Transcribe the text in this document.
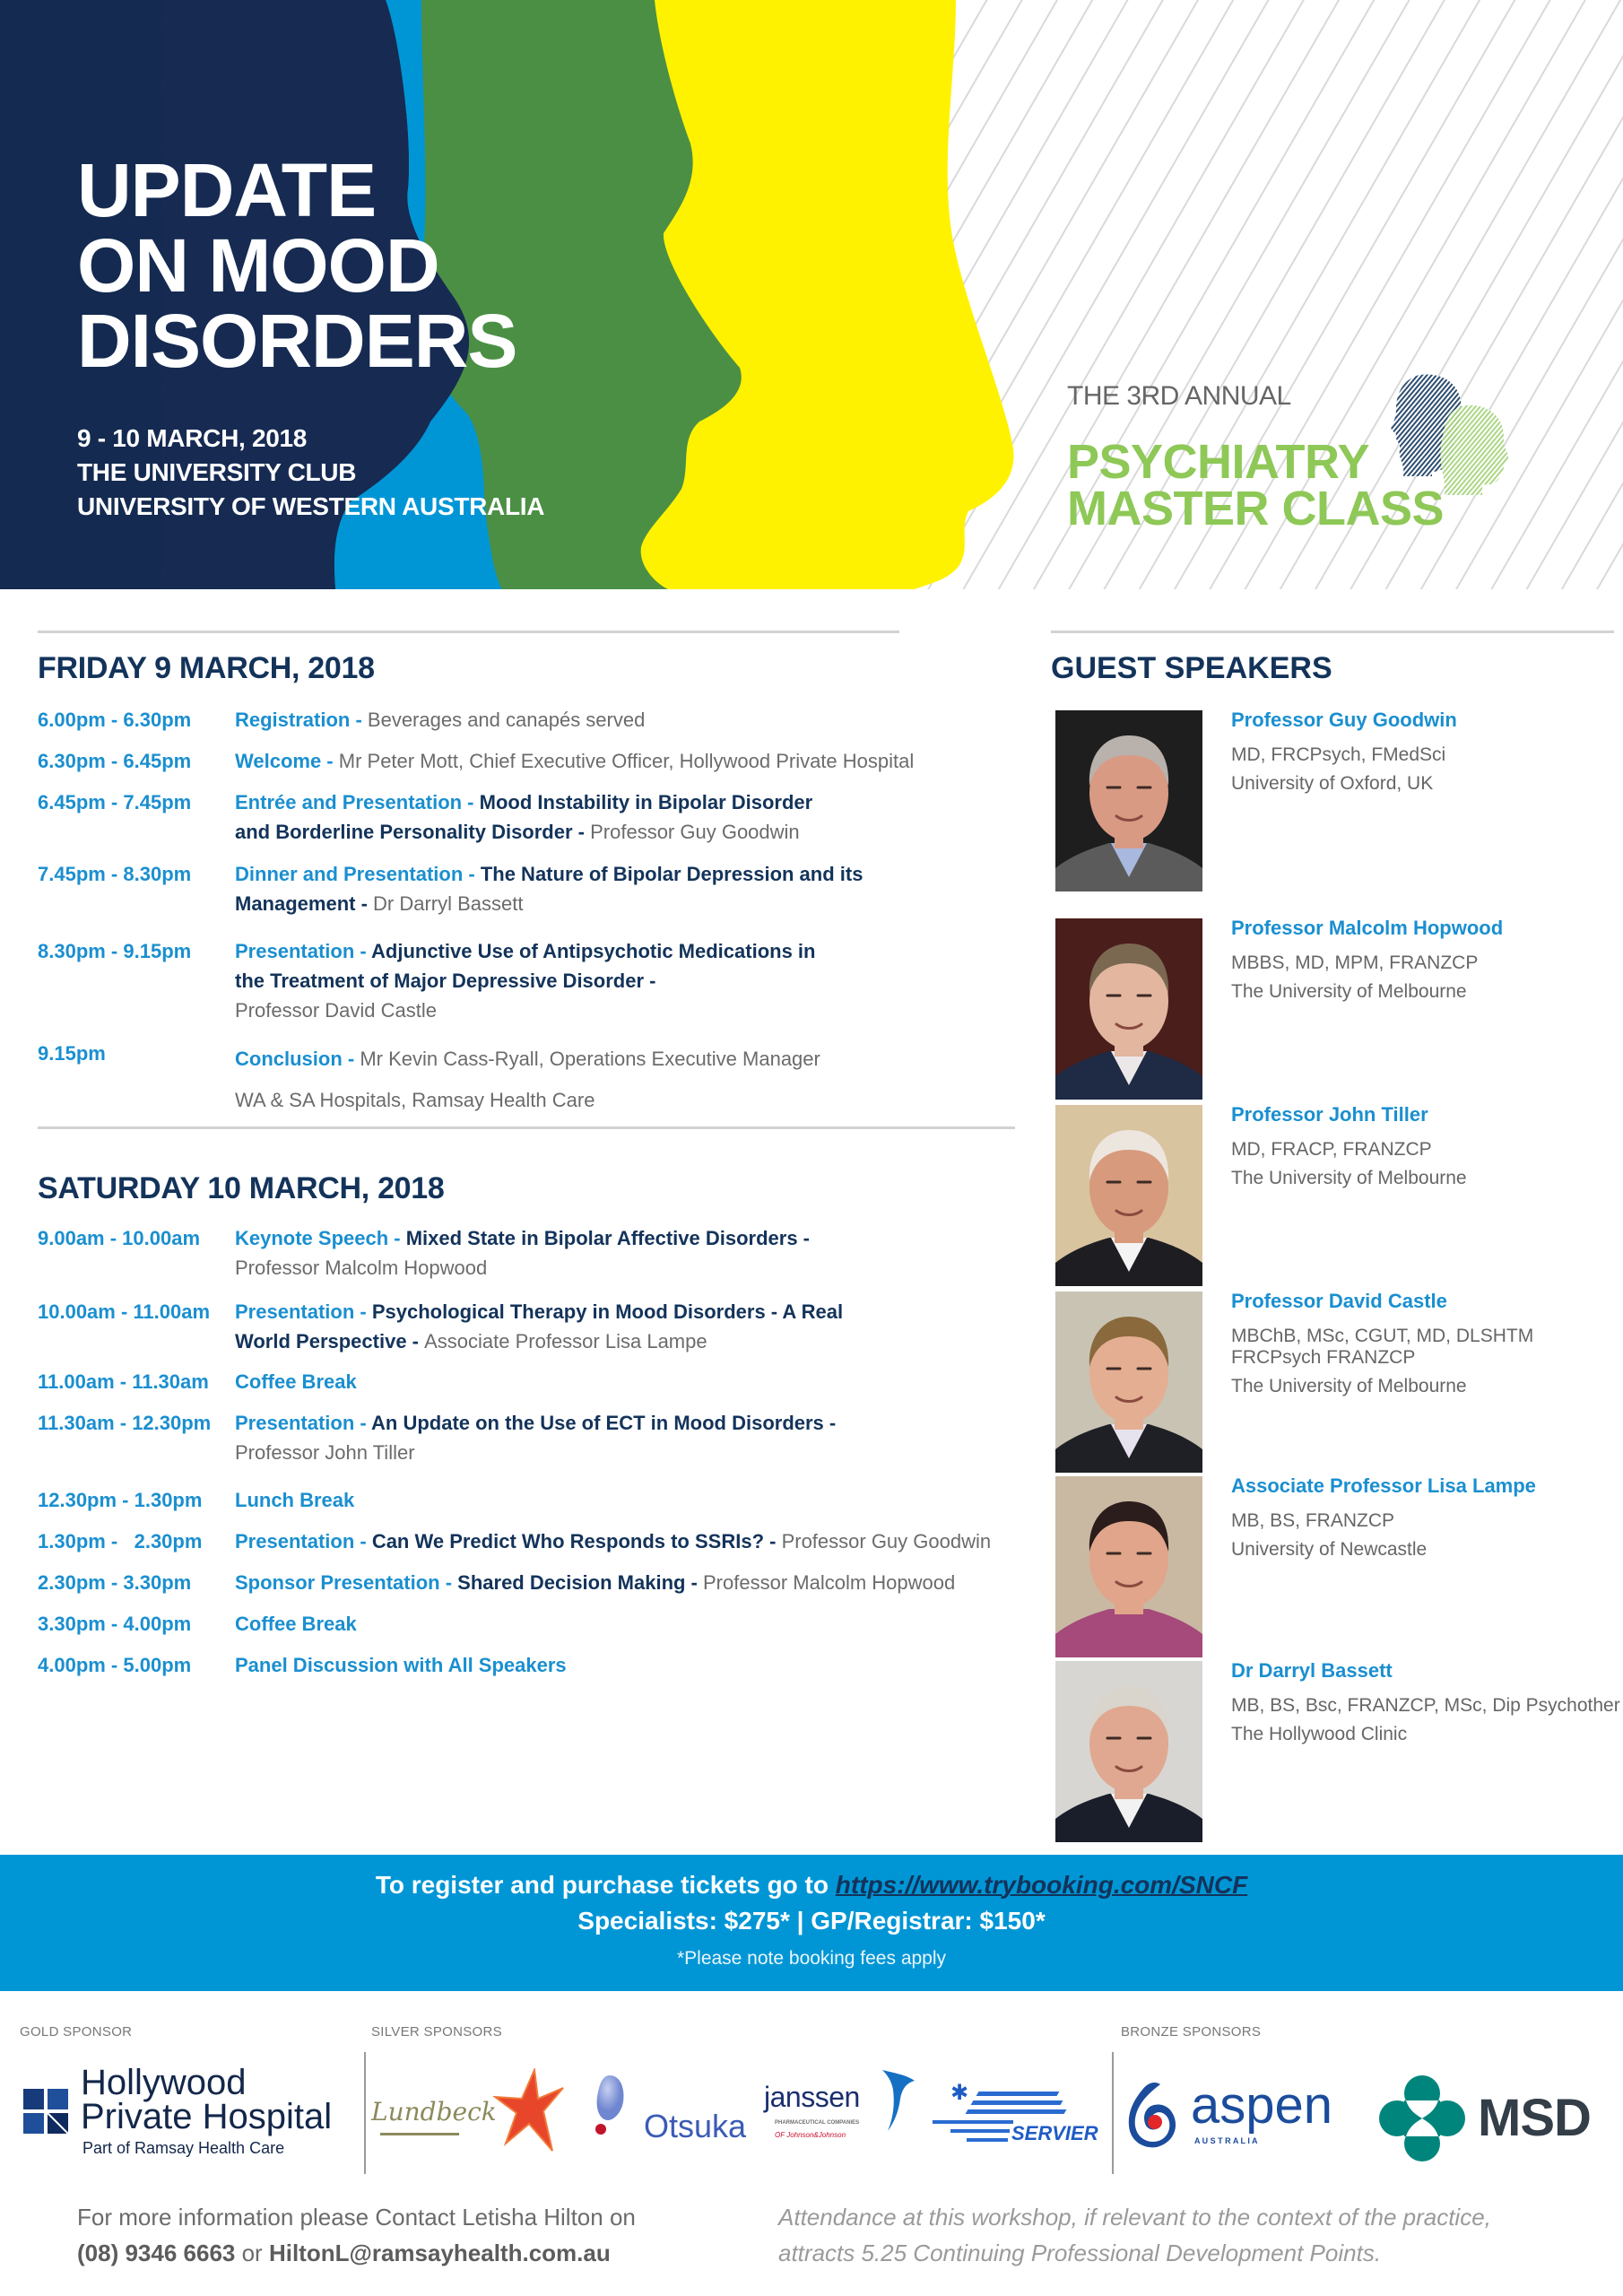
UPDATE
ON MOOD
DISORDERS
9 - 10 MARCH, 2018
THE UNIVERSITY CLUB
UNIVERSITY OF WESTERN AUSTRALIA
THE 3RD ANNUAL
PSYCHIATRY
MASTER CLASS
FRIDAY 9 MARCH, 2018
6.00pm - 6.30pm	Registration - Beverages and canapés served
6.30pm - 6.45pm	Welcome - Mr Peter Mott, Chief Executive Officer, Hollywood Private Hospital
6.45pm - 7.45pm	Entrée and Presentation - Mood Instability in Bipolar Disorder and Borderline Personality Disorder - Professor Guy Goodwin
7.45pm - 8.30pm	Dinner and Presentation - The Nature of Bipolar Depression and its Management - Dr Darryl Bassett
8.30pm - 9.15pm	Presentation - Adjunctive Use of Antipsychotic Medications in the Treatment of Major Depressive Disorder -
Professor David Castle
9.15pm	Conclusion - Mr Kevin Cass-Ryall, Operations Executive Manager
WA & SA Hospitals, Ramsay Health Care
SATURDAY 10 MARCH, 2018
9.00am - 10.00am	Keynote Speech - Mixed State in Bipolar Affective Disorders -
Professor Malcolm Hopwood
10.00am - 11.00am	Presentation - Psychological Therapy in Mood Disorders - A Real World Perspective - Associate Professor Lisa Lampe
11.00am - 11.30am	Coffee Break
11.30am - 12.30pm	Presentation - An Update on the Use of ECT in Mood Disorders -
Professor John Tiller
12.30pm - 1.30pm	Lunch Break
1.30pm -   2.30pm	Presentation - Can We Predict Who Responds to SSRIs? - Professor Guy Goodwin
2.30pm - 3.30pm	Sponsor Presentation - Shared Decision Making - Professor Malcolm Hopwood
3.30pm - 4.00pm	Coffee Break
4.00pm - 5.00pm	Panel Discussion with All Speakers
GUEST SPEAKERS
Professor Guy Goodwin
MD, FRCPsych, FMedSci
University of Oxford, UK
Professor Malcolm Hopwood
MBBS, MD, MPM, FRANZCP
The University of Melbourne
Professor John Tiller
MD, FRACP, FRANZCP
The University of Melbourne
Professor David Castle
MBChB, MSc, CGUT, MD, DLSHTM FRCPsych FRANZCP
The University of Melbourne
Associate Professor Lisa Lampe
MB, BS, FRANZCP
University of Newcastle
Dr Darryl Bassett
MB, BS, Bsc, FRANZCP, MSc, Dip Psychother
The Hollywood Clinic
To register and purchase tickets go to https://www.trybooking.com/SNCF
Specialists: $275* | GP/Registrar: $150*
*Please note booking fees apply
GOLD SPONSOR	SILVER SPONSORS	BRONZE SPONSORS
Hollywood
Private Hospital
Part of Ramsay Health Care
Lundbeck	Otsuka
janssen
PHARMACEUTICAL COMPANIES
OF Johnson&Johnson
✱
SERVIER aspen
A U S T R A L I A	MSD
For more information please Contact Letisha Hilton on
(08) 9346 6663 or HiltonL@ramsayhealth.com.au
Attendance at this workshop, if relevant to the context of the practice,
attracts 5.25 Continuing Professional Development Points.
